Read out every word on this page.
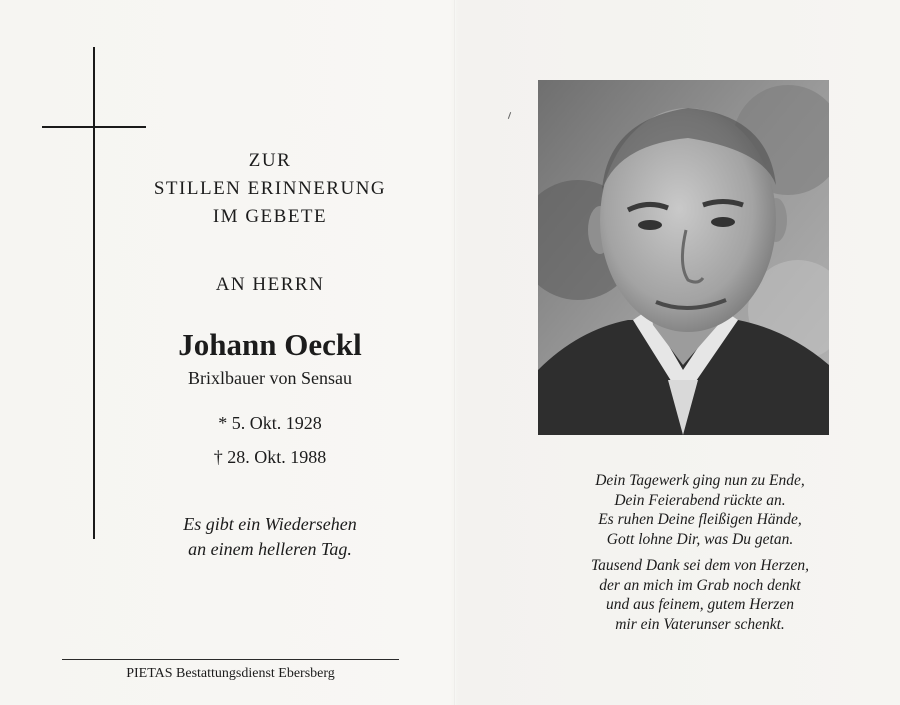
ZUR
STILLEN ERINNERUNG
IM GEBETE
AN HERRN
Johann Oeckl
Brixlbauer von Sensau
* 5. Okt. 1928
† 28. Okt. 1988
Es gibt ein Wiedersehen
an einem helleren Tag.
PIETAS Bestattungsdienst Ebersberg
Dein Tagewerk ging nun zu Ende,
Dein Feierabend rückte an.
Es ruhen Deine fleißigen Hände,
Gott lohne Dir, was Du getan.
Tausend Dank sei dem von Herzen,
der an mich im Grab noch denkt
und aus feinem, gutem Herzen
mir ein Vaterunser schenkt.
